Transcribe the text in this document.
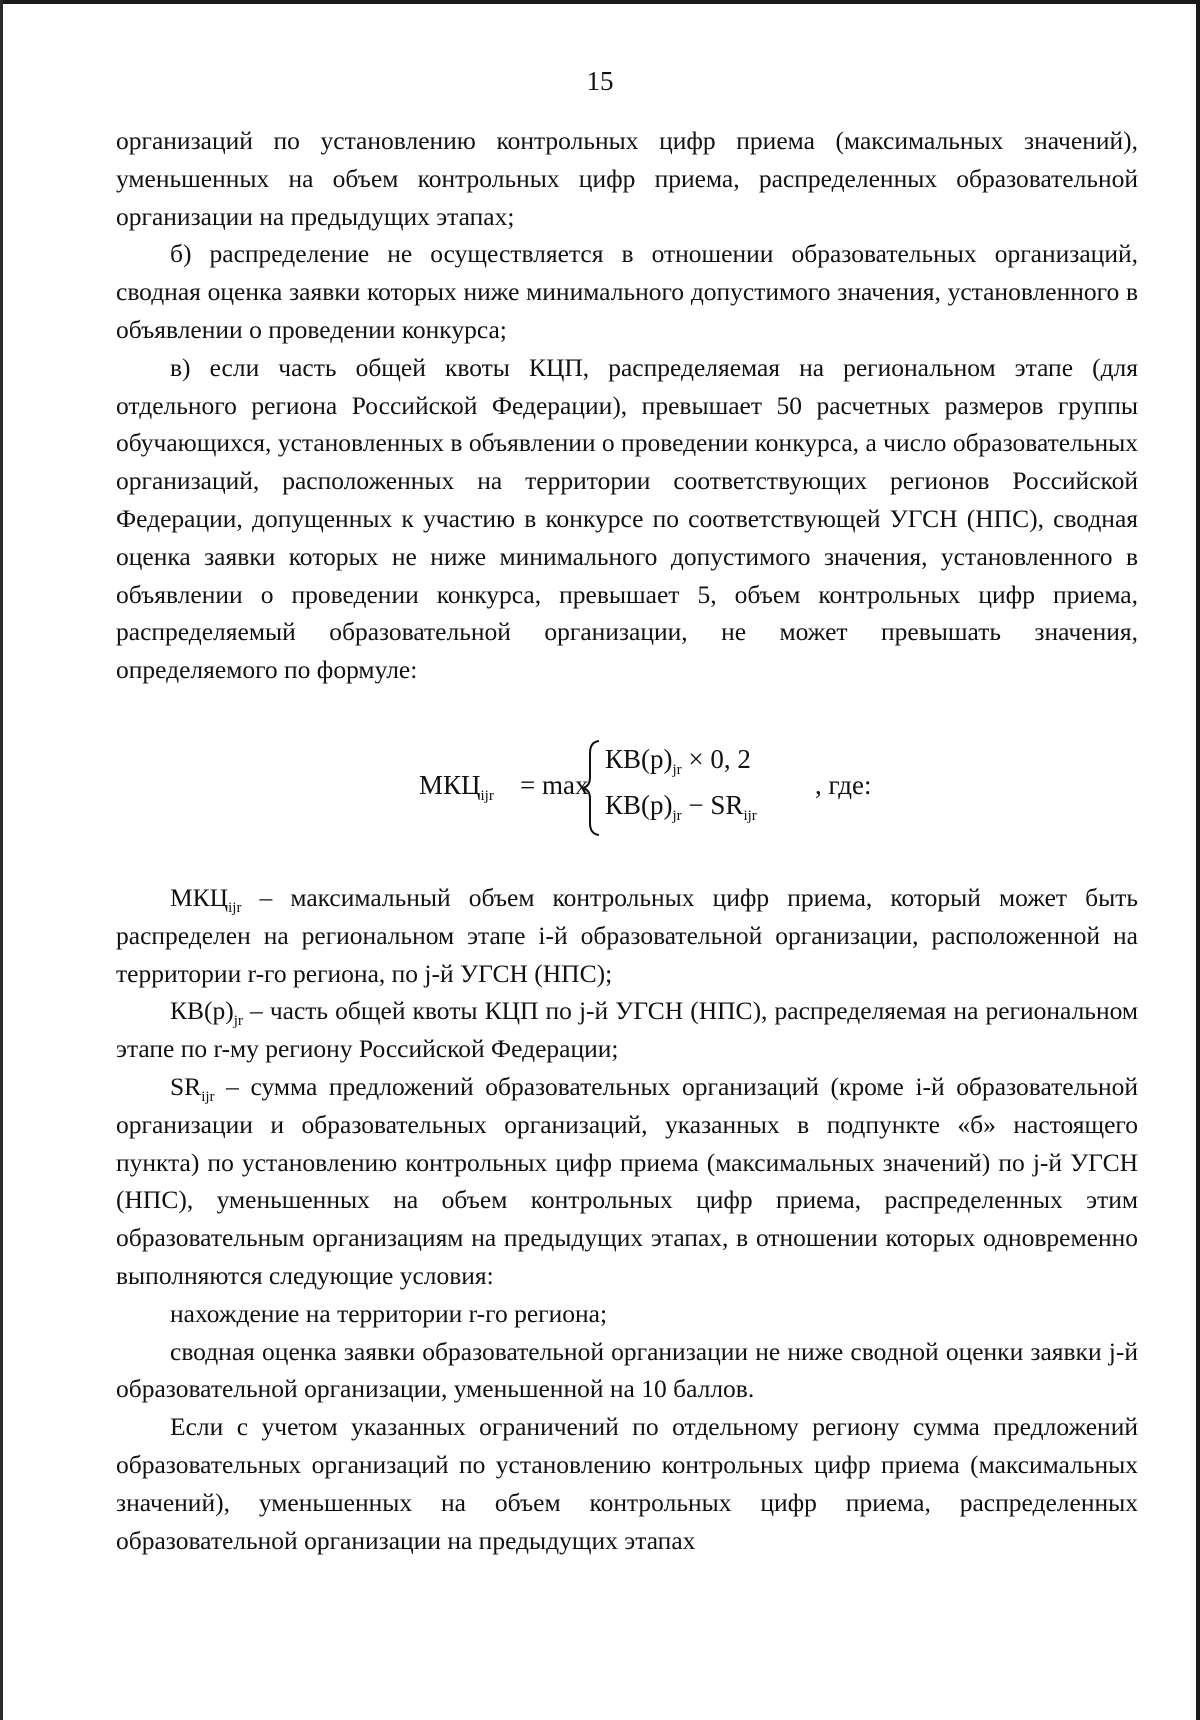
15

организаций по установлению контрольных цифр приема (максимальных значений), уменьшенных на объем контрольных цифр приема, распределенных образовательной организации на предыдущих этапах;

б) распределение не осуществляется в отношении образовательных организаций, сводная оценка заявки которых ниже минимального допустимого значения, установленного в объявлении о проведении конкурса;

в) если часть общей квоты КЦП, распределяемая на региональном этапе (для отдельного региона Российской Федерации), превышает 50 расчетных размеров группы обучающихся, установленных в объявлении о проведении конкурса, а число образовательных организаций, расположенных на территории соответствующих регионов Российской Федерации, допущенных к участию в конкурсе по соответствующей УГСН (НПС), сводная оценка заявки которых не ниже минимального допустимого значения, установленного в объявлении о проведении конкурса, превышает 5, объем контрольных цифр приема, распределяемый образовательной организации, не может превышать значения, определяемого по формуле:

$МКЦ_{ijr} = \max$
$КВ(р)_{jr} \times 0$, 2
$КВ(р)_{jr} - SR_{ijr}$
, где:

$МКЦ_{ijr}$ – максимальный объем контрольных цифр приема, который может быть распределен на региональном этапе i-й образовательной организации, расположенной на территории r-го региона, по j-й УГСН (НПС);

$КВ(р)_{jr}$ – часть общей квоты КЦП по j-й УГСН (НПС), распределяемая на региональном этапе по r-му региону Российской Федерации;

$SR_{ijr}$ – сумма предложений образовательных организаций (кроме i-й образовательной организации и образовательных организаций, указанных в подпункте «б» настоящего пункта) по установлению контрольных цифр приема (максимальных значений) по j-й УГСН (НПС), уменьшенных на объем контрольных цифр приема, распределенных этим образовательным организациям на предыдущих этапах, в отношении которых одновременно выполняются следующие условия:

нахождение на территории r-го региона;

сводная оценка заявки образовательной организации не ниже сводной оценки заявки j-й образовательной организации, уменьшенной на 10 баллов.

Если с учетом указанных ограничений по отдельному региону сумма предложений образовательных организаций по установлению контрольных цифр приема (максимальных значений), уменьшенных на объем контрольных цифр приема, распределенных образовательной организации на предыдущих этапах
